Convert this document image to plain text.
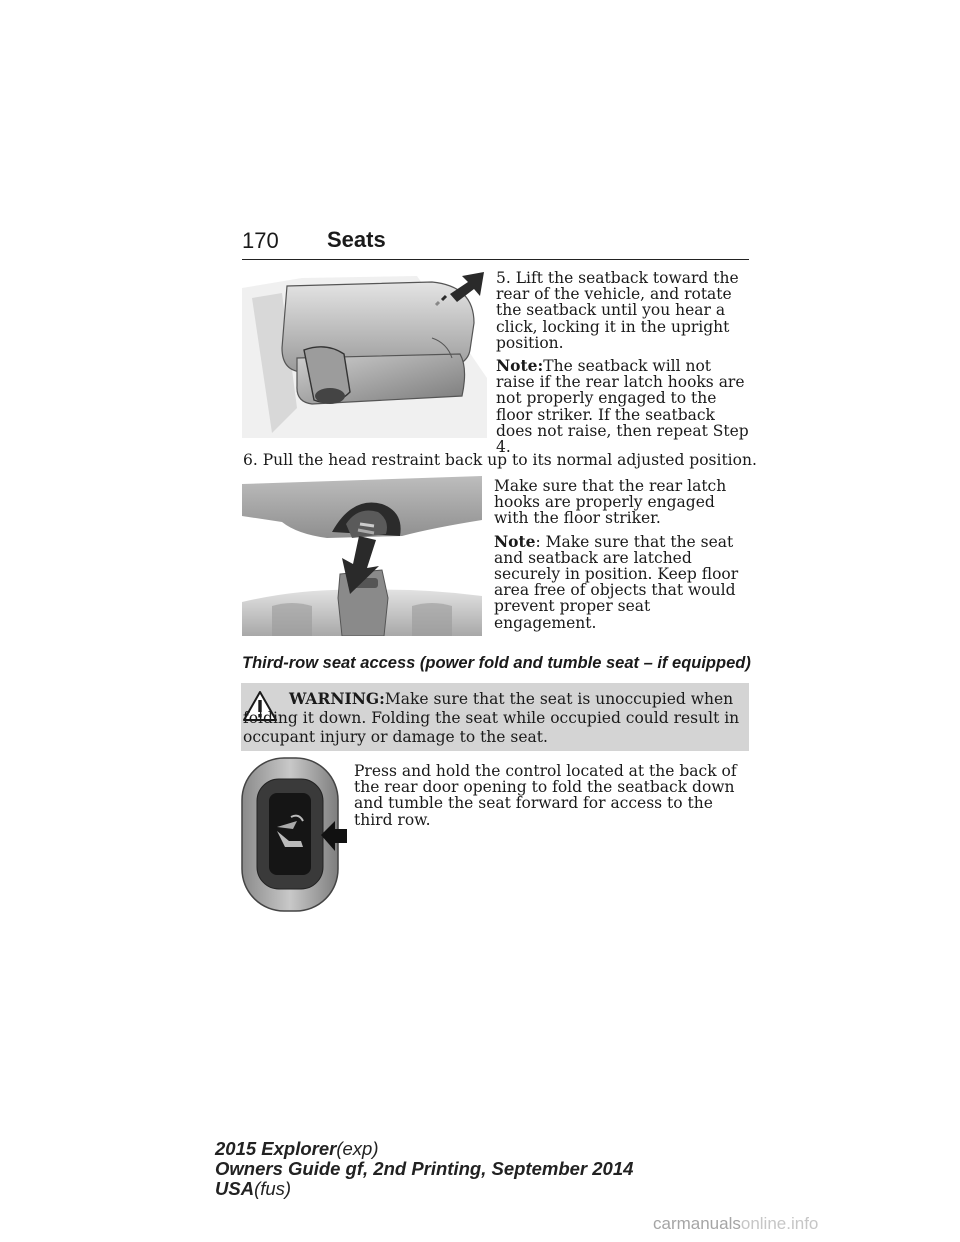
170 Seats

5. Lift the seatback toward the rear of the vehicle, and rotate the seatback until you hear a click, locking it in the upright position.

Note:The seatback will not raise if the rear latch hooks are not properly engaged to the floor striker. If the seatback does not raise, then repeat Step 4.

6. Pull the head restraint back up to its normal adjusted position.

Make sure that the rear latch hooks are properly engaged with the floor striker.

Note: Make sure that the seat and seatback are latched securely in position. Keep floor area free of objects that would prevent proper seat engagement.

Third-row seat access (power fold and tumble seat – if equipped)
WARNING:Make sure that the seat is unoccupied when folding it down. Folding the seat while occupied could result in occupant injury or damage to the seat.
Press and hold the control located at the back of the rear door opening to fold the seatback down and tumble the seat forward for access to the third row.
2015 Explorer(exp)
Owners Guide gf, 2nd Printing, September 2014
USA(fus)
carmanualsonline.info
